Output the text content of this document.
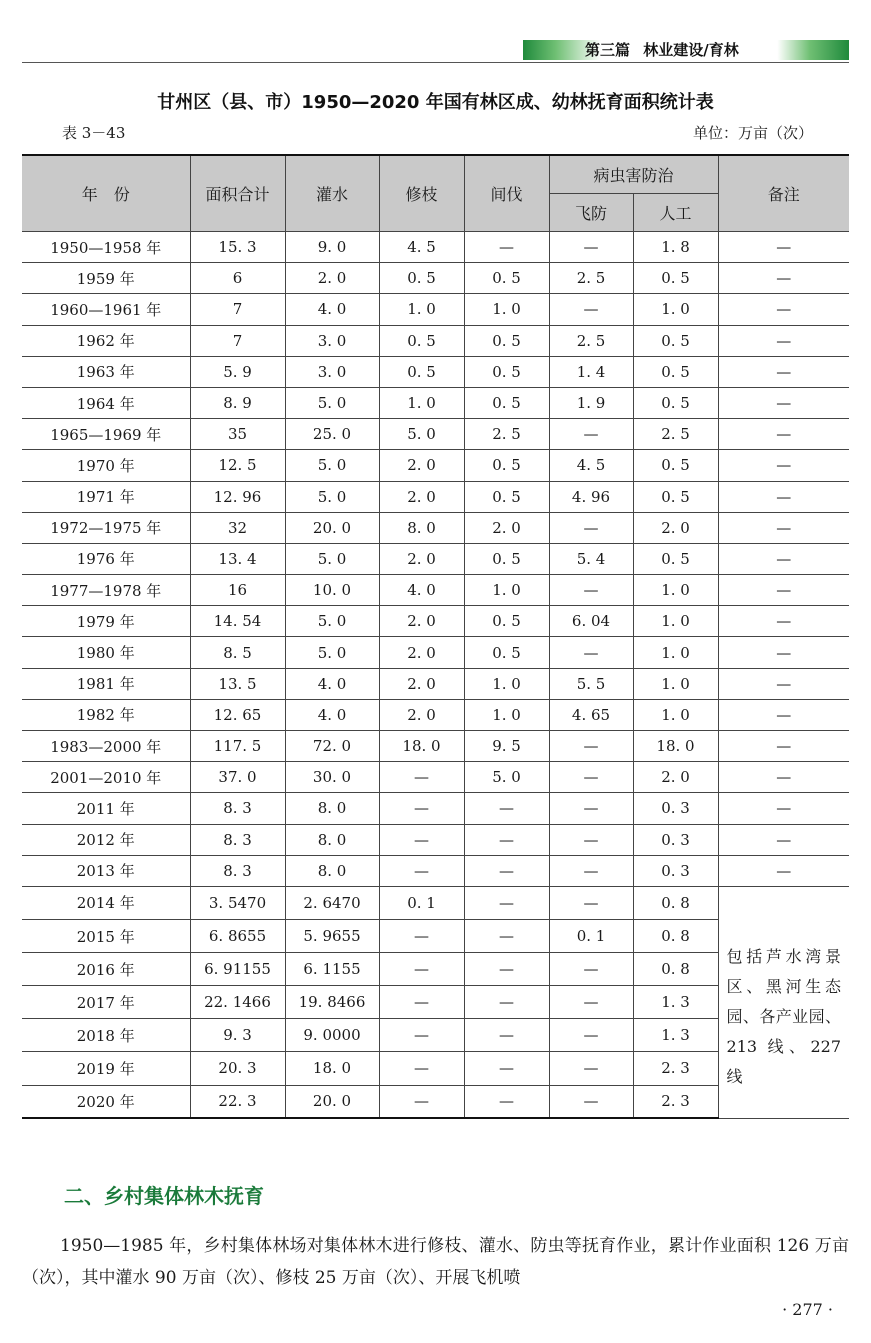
第三篇 林业建设/育林
甘州区（县、市）1950—2020 年国有林区成、幼林抚育面积统计表
表 3－43	单位：万亩（次）
年　份	面积合计	灌水	修枝	间伐	病虫害防治		备注
					飞防	人工	
1950—1958 年	15. 3	9. 0	4. 5	—	—	1. 8	—
1959 年	6	2. 0	0. 5	0. 5	2. 5	0. 5	—
1960—1961 年	7	4. 0	1. 0	1. 0	—	1. 0	—
1962 年	7	3. 0	0. 5	0. 5	2. 5	0. 5	—
1963 年	5. 9	3. 0	0. 5	0. 5	1. 4	0. 5	—
1964 年	8. 9	5. 0	1. 0	0. 5	1. 9	0. 5	—
1965—1969 年	35	25. 0	5. 0	2. 5	—	2. 5	—
1970 年	12. 5	5. 0	2. 0	0. 5	4. 5	0. 5	—
1971 年	12. 96	5. 0	2. 0	0. 5	4. 96	0. 5	—
1972—1975 年	32	20. 0	8. 0	2. 0	—	2. 0	—
1976 年	13. 4	5. 0	2. 0	0. 5	5. 4	0. 5	—
1977—1978 年	16	10. 0	4. 0	1. 0	—	1. 0	—
1979 年	14. 54	5. 0	2. 0	0. 5	6. 04	1. 0	—
1980 年	8. 5	5. 0	2. 0	0. 5	—	1. 0	—
1981 年	13. 5	4. 0	2. 0	1. 0	5. 5	1. 0	—
1982 年	12. 65	4. 0	2. 0	1. 0	4. 65	1. 0	—
1983—2000 年	117. 5	72. 0	18. 0	9. 5	—	18. 0	—
2001—2010 年	37. 0	30. 0	—	5. 0	—	2. 0	—
2011 年	8. 3	8. 0	—	—	—	0. 3	—
2012 年	8. 3	8. 0	—	—	—	0. 3	—
2013 年	8. 3	8. 0	—	—	—	0. 3	—
2014 年	3. 5470	2. 6470	0. 1	—	—	0. 8	包括芦水湾景区、黑河生态园、各产业园、213 线、227 线
2015 年	6. 8655	5. 9655	—	—	0. 1	0. 8	
2016 年	6. 91155	6. 1155	—	—	—	0. 8	
2017 年	22. 1466	19. 8466	—	—	—	1. 3	
2018 年	9. 3	9. 0000	—	—	—	1. 3	
2019 年	20. 3	18. 0	—	—	—	2. 3	
2020 年	22. 3	20. 0	—	—	—	2. 3	
二、乡村集体林木抚育
1950—1985 年，乡村集体林场对集体林木进行修枝、灌水、防虫等抚育作业，累计作业面积 126 万亩（次），其中灌水 90 万亩（次）、修枝 25 万亩（次）、开展飞机喷
· 277 ·
